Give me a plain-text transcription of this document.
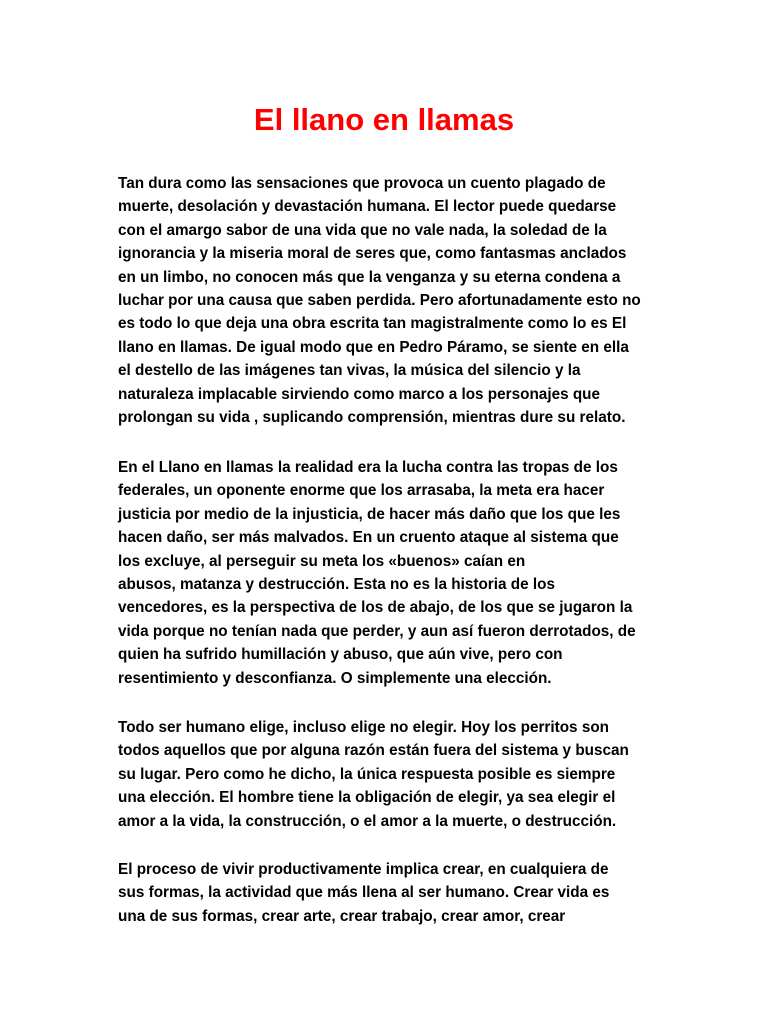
El llano en llamas

Tan dura como las sensaciones que provoca un cuento plagado de
muerte, desolación y devastación humana. El lector puede quedarse
con el amargo sabor de una vida que no vale nada, la soledad de la
ignorancia y la miseria moral de seres que, como fantasmas anclados
en un limbo, no conocen más que la venganza y su eterna condena a
luchar por una causa que saben perdida. Pero afortunadamente esto no
es todo lo que deja una obra escrita tan magistralmente como lo es El
llano en llamas. De igual modo que en Pedro Páramo, se siente en ella
el destello de las imágenes tan vivas, la música del silencio y la
naturaleza implacable sirviendo como marco a los personajes que
prolongan su vida , suplicando comprensión, mientras dure su relato.

En el Llano en llamas la realidad era la lucha contra las tropas de los
federales, un oponente enorme que los arrasaba, la meta era hacer
justicia por medio de la injusticia, de hacer más daño que los que les
hacen daño, ser más malvados. En un cruento ataque al sistema que
los excluye, al perseguir su meta los «buenos» caían en
abusos, matanza y destrucción. Esta no es la historia de los
vencedores, es la perspectiva de los de abajo, de los que se jugaron la
vida porque no tenían nada que perder, y aun así fueron derrotados, de
quien ha sufrido humillación y abuso, que aún vive, pero con
resentimiento y desconfianza. O simplemente una elección.

Todo ser humano elige, incluso elige no elegir. Hoy los perritos son
todos aquellos que por alguna razón están fuera del sistema y buscan
su lugar. Pero como he dicho, la única respuesta posible es siempre
una elección. El hombre tiene la obligación de elegir, ya sea elegir el
amor a la vida, la construcción, o el amor a la muerte, o destrucción.

El proceso de vivir productivamente implica crear, en cualquiera de
sus formas, la actividad que más llena al ser humano. Crear vida es
una de sus formas, crear arte, crear trabajo, crear amor, crear
